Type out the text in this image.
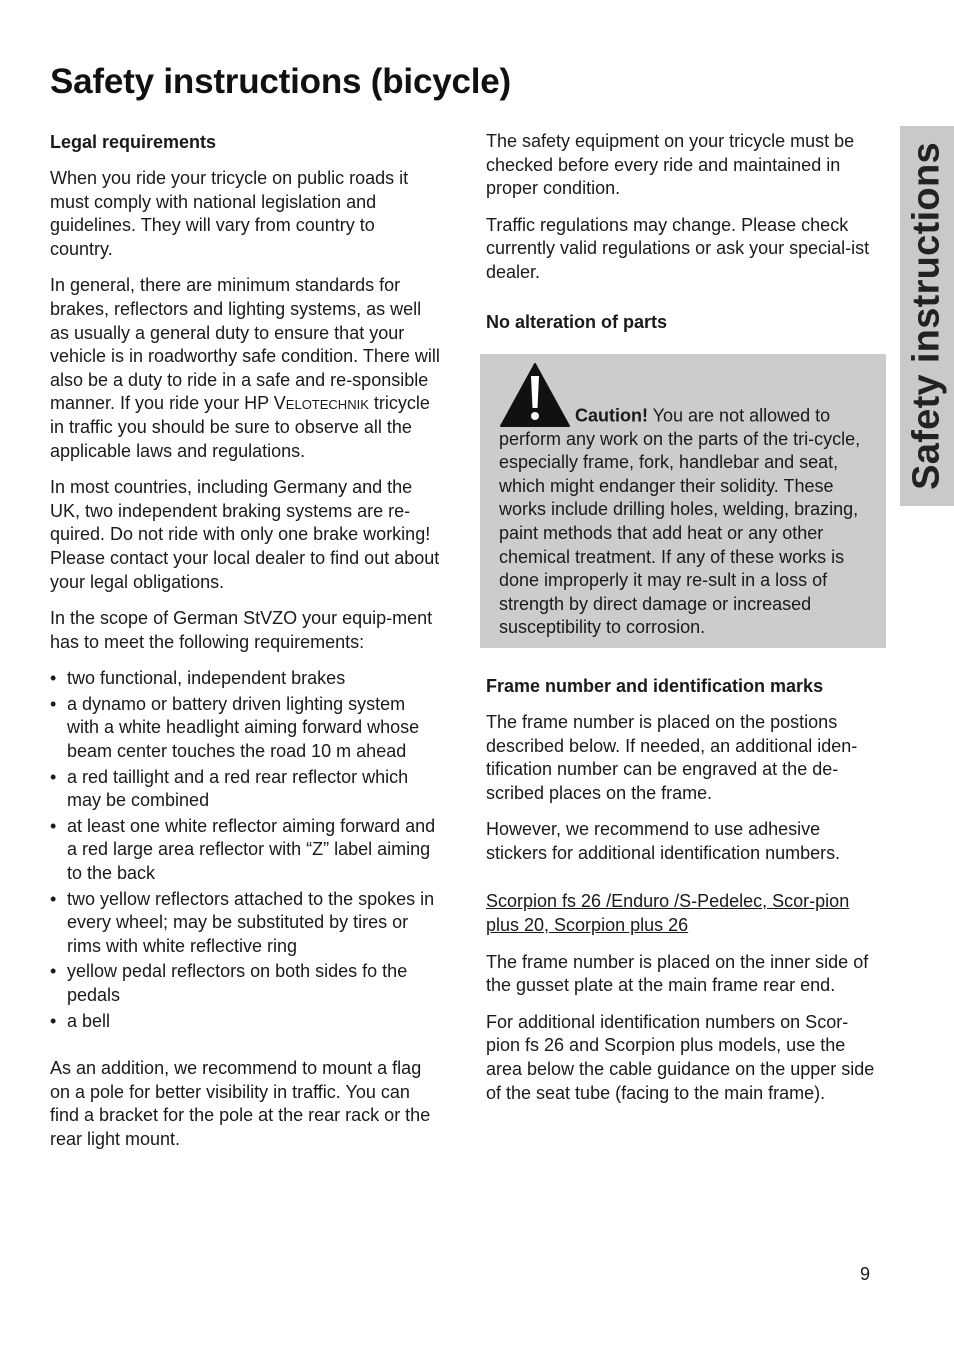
Safety instructions (bicycle)
Safety instructions
Legal requirements

When you ride your tricycle on public roads it must comply with national legislation and guidelines. They will vary from country to country.

In general, there are minimum standards for brakes, reflectors and lighting systems, as well as usually a general duty to ensure that your vehicle is in roadworthy safe condition. There will also be a duty to ride in a safe and re-sponsible manner. If you ride your HP Velotechnik tricycle in traffic you should be sure to observe all the applicable laws and regulations.

In most countries, including Germany and the UK, two independent braking systems are re-quired. Do not ride with only one brake working! Please contact your local dealer to find out about your legal obligations.

In the scope of German StVZO your equip-ment has to meet the following requirements:

• two functional, independent brakes
• a dynamo or battery driven lighting system with a white headlight aiming forward whose beam center touches the road 10 m ahead
• a red taillight and a red rear reflector which may be combined
• at least one white reflector aiming forward and a red large area reflector with “Z” label aiming to the back
• two yellow reflectors attached to the spokes in every wheel; may be substituted by tires or rims with white reflective ring
• yellow pedal reflectors on both sides fo the pedals
• a bell

As an addition, we recommend to mount a flag on a pole for better visibility in traffic. You can find a bracket for the pole at the rear rack or the rear light mount.

The safety equipment on your tricycle must be checked before every ride and maintained in proper condition.

Traffic regulations may change. Please check currently valid regulations or ask your special-ist dealer.

No alteration of parts
Caution! You are not allowed to perform any work on the parts of the tri-cycle, especially frame, fork, handlebar and seat, which might endanger their solidity. These works include drilling holes, welding, brazing, paint methods that add heat or any other chemical treatment. If any of these works is done improperly it may re-sult in a loss of strength by direct damage or increased susceptibility to corrosion.
Frame number and identification marks

The frame number is placed on the postions described below. If needed, an additional iden-tification number can be engraved at the de-scribed places on the frame.

However, we recommend to use adhesive stickers for additional identification numbers.

Scorpion fs 26 /Enduro /S-Pedelec, Scor-pion plus 20, Scorpion plus 26

The frame number is placed on the inner side of the gusset plate at the main frame rear end.

For additional identification numbers on Scor-pion fs 26 and Scorpion plus models, use the area below the cable guidance on the upper side of the seat tube (facing to the main frame).

9
